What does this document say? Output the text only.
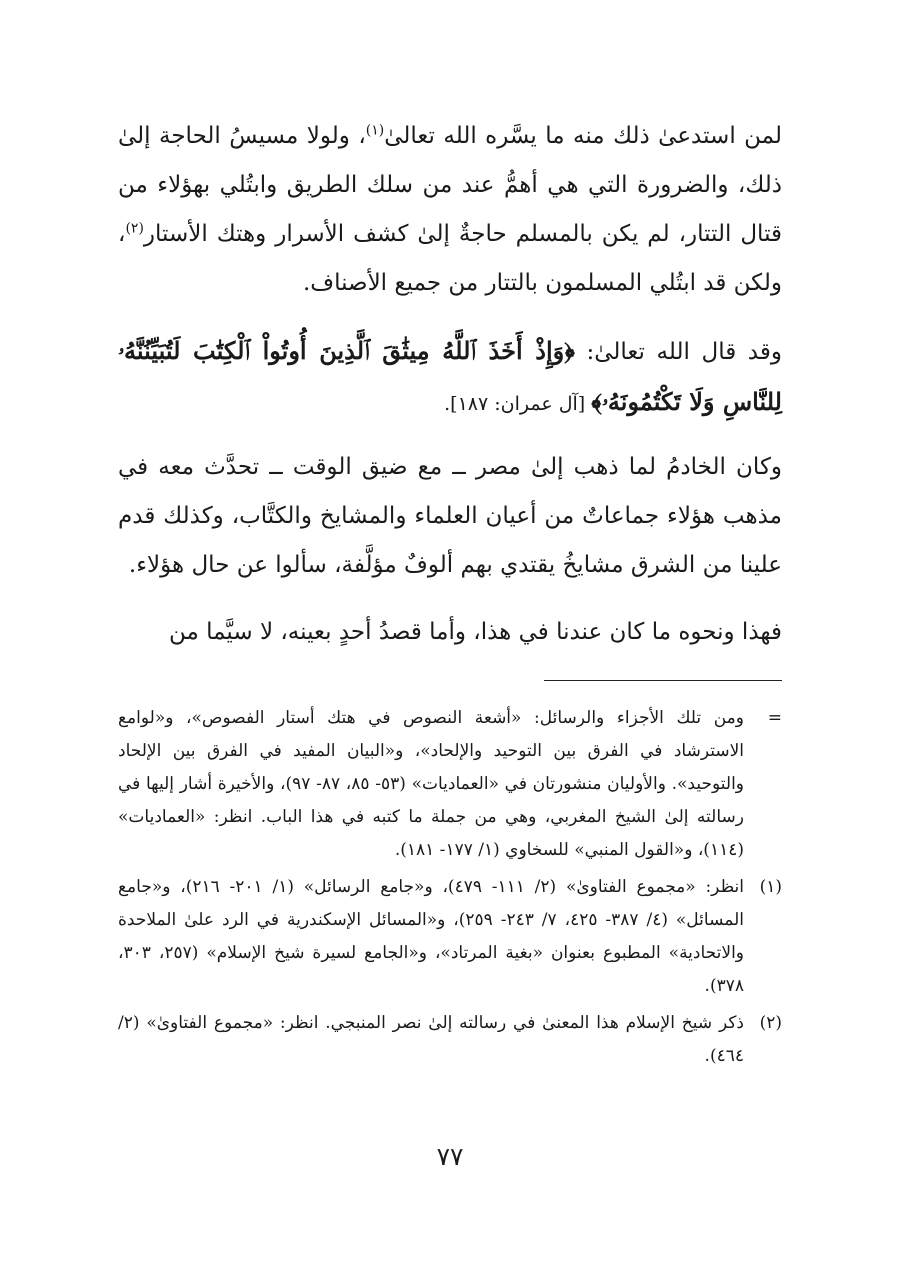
لمن استدعىٰ ذلك منه ما يسَّره الله تعالىٰ$^{(١)}$، ولولا مسيسُ الحاجة إلىٰ ذلك، والضرورة التي هي أهمُّ عند من سلك الطريق وابتُلي بهؤلاء من قتال التتار، لم يكن بالمسلم حاجةٌ إلىٰ كشف الأسرار وهتك الأستار$^{(٢)}$، ولكن قد ابتُلي المسلمون بالتتار من جميع الأصناف.

وقد قال الله تعالىٰ: ﴿وَإِذْ أَخَذَ ٱللَّهُ مِيثَٰقَ ٱلَّذِينَ أُوتُواْ ٱلْكِتَٰبَ لَتُبَيِّنُنَّهُۥ لِلنَّاسِ وَلَا تَكْتُمُونَهُۥ﴾ [آل عمران: ١٨٧].

وكان الخادمُ لما ذهب إلىٰ مصر ــ مع ضيق الوقت ــ تحدَّث معه في مذهب هؤلاء جماعاتٌ من أعيان العلماء والمشايخ والكتَّاب، وكذلك قدم علينا من الشرق مشايخُ يقتدي بهم ألوفٌ مؤلَّفة، سألوا عن حال هؤلاء.

فهذا ونحوه ما كان عندنا في هذا، وأما قصدُ أحدٍ بعينه، لا سيَّما من

=
ومن تلك الأجزاء والرسائل: «أشعة النصوص في هتك أستار الفصوص»، و«لوامع الاسترشاد في الفرق بين التوحيد والإلحاد»، و«البيان المفيد في الفرق بين الإلحاد والتوحيد». والأوليان منشورتان في «العماديات» (٥٣- ٨٥، ٨٧- ٩٧)، والأخيرة أشار إليها في رسالته إلىٰ الشيخ المغربي، وهي من جملة ما كتبه في هذا الباب. انظر: «العماديات» (١١٤)، و«القول المنبي» للسخاوي (١/ ١٧٧- ١٨١).
(١)
انظر: «مجموع الفتاوىٰ» (٢/ ١١١- ٤٧٩)، و«جامع الرسائل» (١/ ٢٠١- ٢١٦)، و«جامع المسائل» (٤/ ٣٨٧- ٤٢٥، ٧/ ٢٤٣- ٢٥٩)، و«المسائل الإسكندرية في الرد علىٰ الملاحدة والاتحادية» المطبوع بعنوان «بغية المرتاد»، و«الجامع لسيرة شيخ الإسلام» (٢٥٧، ٣٠٣، ٣٧٨).
(٢)
ذكر شيخ الإسلام هذا المعنىٰ في رسالته إلىٰ نصر المنبجي. انظر: «مجموع الفتاوىٰ» (٢/ ٤٦٤).
٧٧
